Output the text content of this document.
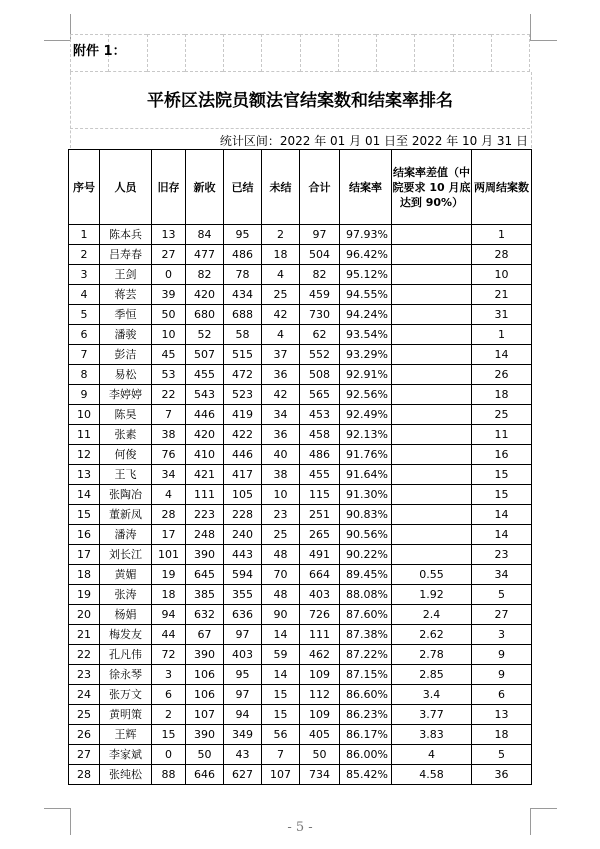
附件 1：
平桥区法院员额法官结案数和结案率排名
统计区间：2022 年 01 月 01 日至 2022 年 10 月 31 日
序号	人员	旧存	新收	已结	未结	合计	结案率	结案率差值（中院要求 10 月底达到 90%）	两周结案数
1	陈本兵	13	84	95	2	97	97.93%		1
2	吕寿春	27	477	486	18	504	96.42%		28
3	王剑	0	82	78	4	82	95.12%		10
4	蒋芸	39	420	434	25	459	94.55%		21
5	季恒	50	680	688	42	730	94.24%		31
6	潘骏	10	52	58	4	62	93.54%		1
7	彭洁	45	507	515	37	552	93.29%		14
8	易松	53	455	472	36	508	92.91%		26
9	李婷婷	22	543	523	42	565	92.56%		18
10	陈昊	7	446	419	34	453	92.49%		25
11	张素	38	420	422	36	458	92.13%		11
12	何俊	76	410	446	40	486	91.76%		16
13	王飞	34	421	417	38	455	91.64%		15
14	张陶冶	4	111	105	10	115	91.30%		15
15	董新凤	28	223	228	23	251	90.83%		14
16	潘涛	17	248	240	25	265	90.56%		14
17	刘长江	101	390	443	48	491	90.22%		23
18	黄媚	19	645	594	70	664	89.45%	0.55	34
19	张涛	18	385	355	48	403	88.08%	1.92	5
20	杨娟	94	632	636	90	726	87.60%	2.4	27
21	梅发友	44	67	97	14	111	87.38%	2.62	3
22	孔凡伟	72	390	403	59	462	87.22%	2.78	9
23	徐永琴	3	106	95	14	109	87.15%	2.85	9
24	张万文	6	106	97	15	112	86.60%	3.4	6
25	黄明策	2	107	94	15	109	86.23%	3.77	13
26	王辉	15	390	349	56	405	86.17%	3.83	18
27	李家斌	0	50	43	7	50	86.00%	4	5
28	张纯松	88	646	627	107	734	85.42%	4.58	36
- 5 -
